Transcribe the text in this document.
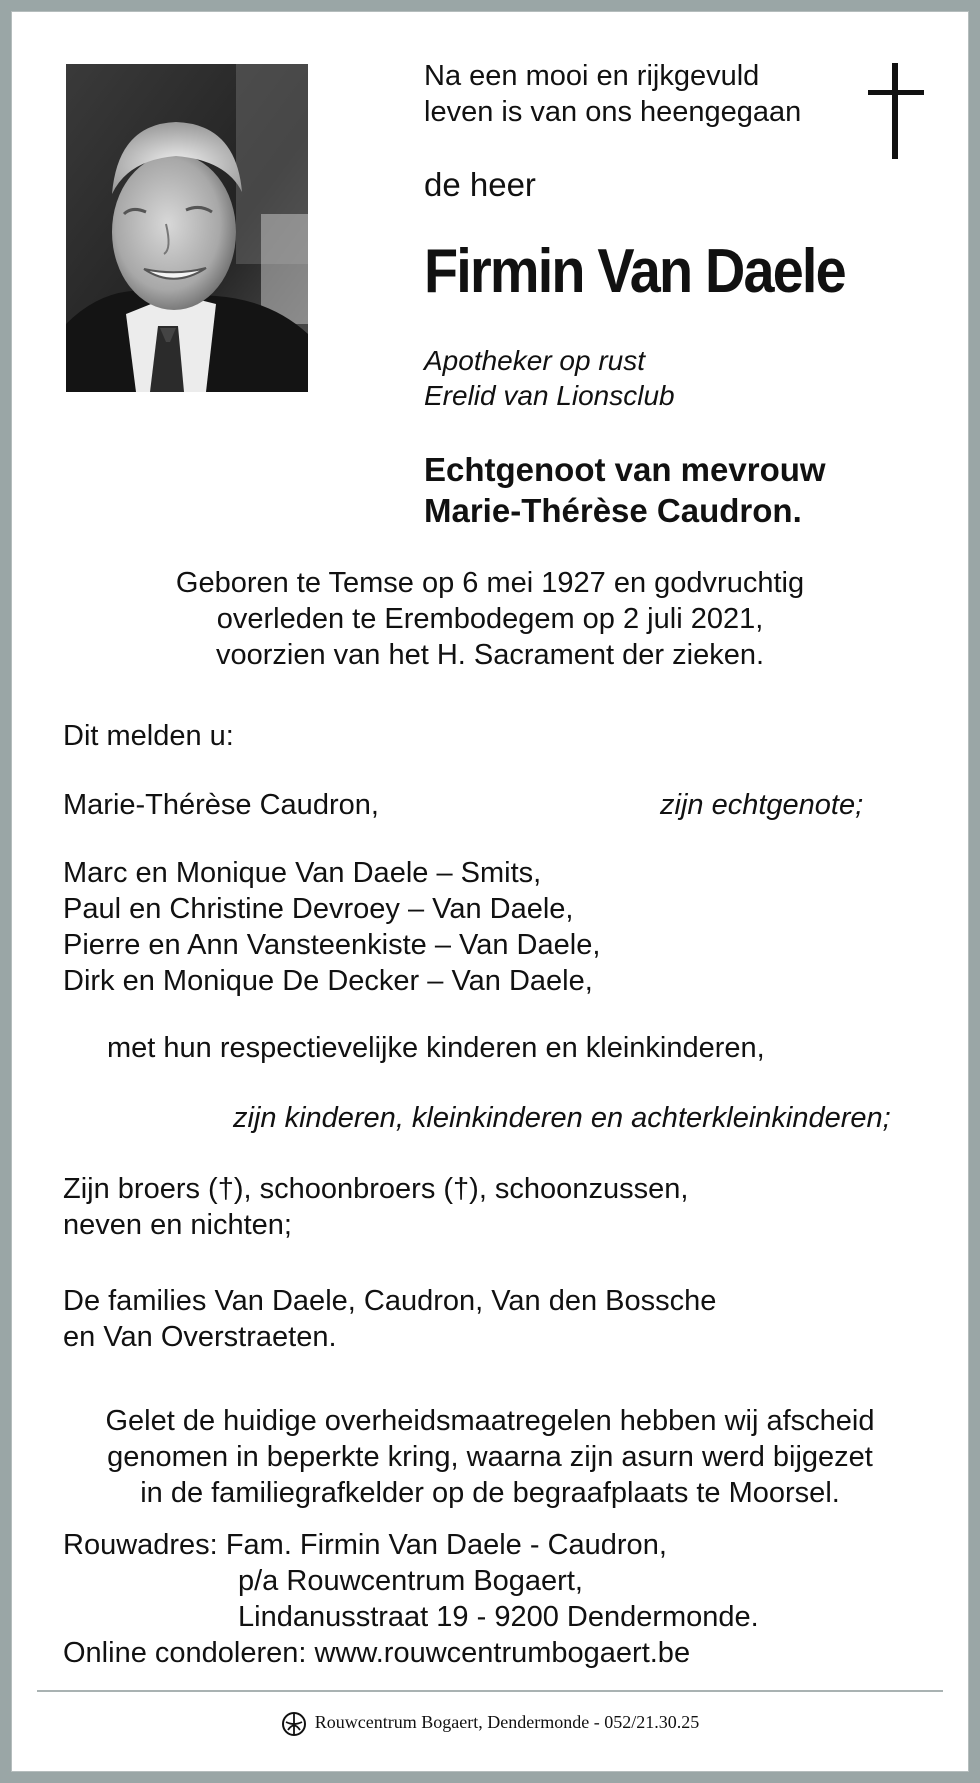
Na een mooi en rijkgevuld
leven is van ons heengegaan
de heer
Firmin Van Daele
Apotheker op rust
Erelid van Lionsclub
Echtgenoot van mevrouw
Marie-Thérèse Caudron.
Geboren te Temse op 6 mei 1927 en godvruchtig
overleden te Erembodegem op 2 juli 2021,
voorzien van het H. Sacrament der zieken.
Dit melden u:
Marie-Thérèse Caudron,	zijn echtgenote;
Marc en Monique Van Daele – Smits,
Paul en Christine Devroey – Van Daele,
Pierre en Ann Vansteenkiste – Van Daele,
Dirk en Monique De Decker – Van Daele,
met hun respectievelijke kinderen en kleinkinderen,
zijn kinderen, kleinkinderen en achterkleinkinderen;
Zijn broers (†), schoonbroers (†), schoonzussen,
neven en nichten;
De families Van Daele, Caudron, Van den Bossche
en Van Overstraeten.
Gelet de huidige overheidsmaatregelen hebben wij afscheid
genomen in beperkte kring, waarna zijn asurn werd bijgezet
in de familiegrafkelder op de begraafplaats te Moorsel.
Rouwadres:
Fam. Firmin Van Daele - Caudron,
p/a Rouwcentrum Bogaert,
Lindanusstraat 19 - 9200 Dendermonde.
Online condoleren: www.rouwcentrumbogaert.be
Rouwcentrum Bogaert, Dendermonde - 052/21.30.25
